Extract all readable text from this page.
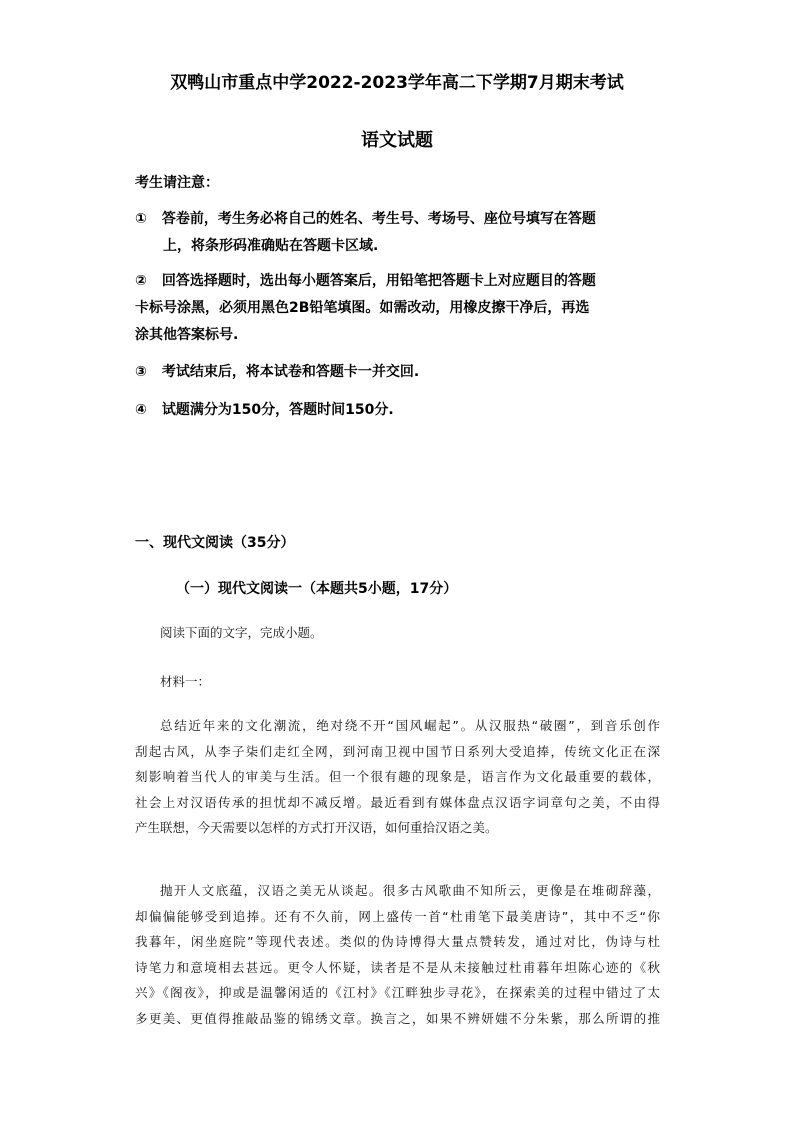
双鸭山市重点中学2022-2023学年高二下学期7月期末考试
语文试题
考生请注意：
① 答卷前，考生务必将自己的姓名、考生号、考场号、座位号填写在答题
上，将条形码准确贴在答题卡区域.
② 回答选择题时，选出每小题答案后，用铅笔把答题卡上对应题目的答题
卡标号涂黑，必须用黑色2B铅笔填图。如需改动，用橡皮擦干净后，再选
涂其他答案标号.
③ 考试结束后，将本试卷和答题卡一并交回.
④ 试题满分为150分，答题时间150分.
一、现代文阅读（35分）
（一）现代文阅读一（本题共5小题，17分）
阅读下面的文字，完成小题。
材料一：
总结近年来的文化潮流，绝对绕不开“国风崛起”。从汉服热“破圈”，到音乐创作
刮起古风，从李子柒们走红全网，到河南卫视中国节日系列大受追捧，传统文化正在深
刻影响着当代人的审美与生活。但一个很有趣的现象是，语言作为文化最重要的载体，
社会上对汉语传承的担忧却不减反增。最近看到有媒体盘点汉语字词章句之美，不由得
产生联想，今天需要以怎样的方式打开汉语，如何重拾汉语之美。
抛开人文底蕴，汉语之美无从谈起。很多古风歌曲不知所云，更像是在堆砌辞藻，
却偏偏能够受到追捧。还有不久前，网上盛传一首“杜甫笔下最美唐诗”，其中不乏“你
我暮年，闲坐庭院”等现代表述。类似的伪诗博得大量点赞转发，通过对比，伪诗与杜
诗笔力和意境相去甚远。更令人怀疑，读者是不是从未接触过杜甫暮年坦陈心迹的《秋
兴》《阁夜》，抑或是温馨闲适的《江村》《江畔独步寻花》，在探索美的过程中错过了太
多更美、更值得推敲品鉴的锦绣文章。换言之，如果不辨妍媸不分朱紫，那么所谓的推
